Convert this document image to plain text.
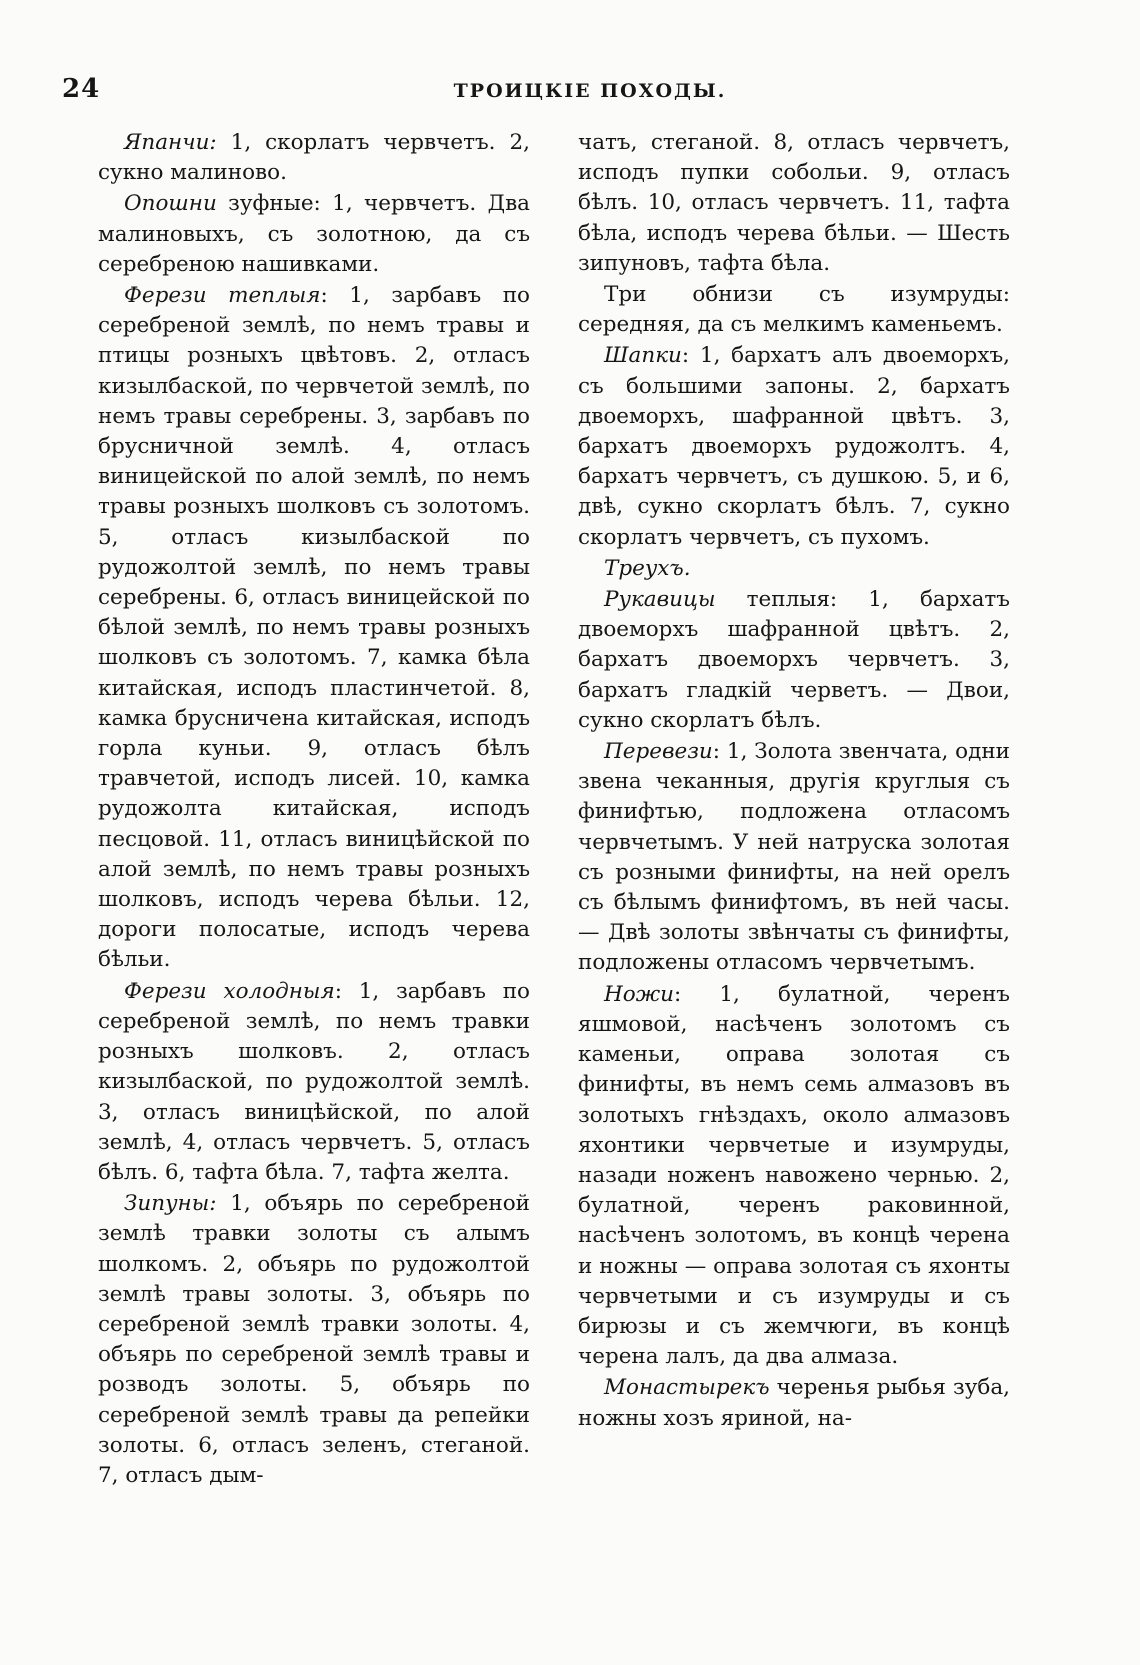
24	ТРОИЦКІЕ ПОХОДЫ.

Япанчи: 1, скорлатъ червчетъ. 2, сукно малиново.

Опошни зуфные: 1, червчетъ. Два малиновыхъ, съ золотною, да съ серебреною нашивками.

Ферези теплыя: 1, зарбавъ по серебреной землѣ, по немъ травы и птицы розныхъ цвѣтовъ. 2, отласъ кизылбаской, по червчетой землѣ, по немъ травы серебрены. 3, зарбавъ по брусничной землѣ. 4, отласъ виницейской по алой землѣ, по немъ травы розныхъ шолковъ съ золотомъ. 5, отласъ кизылбаской по рудожолтой землѣ, по немъ травы серебрены. 6, отласъ виницейской по бѣлой землѣ, по немъ травы розныхъ шолковъ съ золотомъ. 7, камка бѣла китайская, исподъ пластинчетой. 8, камка брусничена китайская, исподъ горла куньи. 9, отласъ бѣлъ травчетой, исподъ лисей. 10, камка рудожолта китайская, исподъ песцовой. 11, отласъ виницѣйской по алой землѣ, по немъ травы розныхъ шолковъ, исподъ черева бѣльи. 12, дороги полосатые, исподъ черева бѣльи.

Ферези холодныя: 1, зарбавъ по серебреной землѣ, по немъ травки розныхъ шолковъ. 2, отласъ кизылбаской, по рудожолтой землѣ. 3, отласъ виницѣйской, по алой землѣ, 4, отласъ червчетъ. 5, отласъ бѣлъ. 6, тафта бѣла. 7, тафта желта.

Зипуны: 1, объярь по серебреной землѣ травки золоты съ алымъ шолкомъ. 2, объярь по рудожолтой землѣ травы золоты. 3, объярь по серебреной землѣ травки золоты. 4, объярь по серебреной землѣ травы и розводъ золоты. 5, объярь по серебреной землѣ травы да репейки золоты. 6, отласъ зеленъ, стеганой. 7, отласъ дым-

чатъ, стеганой. 8, отласъ червчетъ, исподъ пупки собольи. 9, отласъ бѣлъ. 10, отласъ червчетъ. 11, тафта бѣла, исподъ черева бѣльи. — Шесть зипуновъ, тафта бѣла.

Три обнизи съ изумруды: середняя, да съ мелкимъ каменьемъ.

Шапки: 1, бархатъ алъ двоеморхъ, съ большими запоны. 2, бархатъ двоеморхъ, шафранной цвѣтъ. 3, бархатъ двоеморхъ рудожолтъ. 4, бархатъ червчетъ, съ душкою. 5, и 6, двѣ, сукно скорлатъ бѣлъ. 7, сукно скорлатъ червчетъ, съ пухомъ.

Треухъ.

Рукавицы теплыя: 1, бархатъ двоеморхъ шафранной цвѣтъ. 2, бархатъ двоеморхъ червчетъ. 3, бархатъ гладкій черветъ. — Двои, сукно скорлатъ бѣлъ.

Перевези: 1, Золота звенчата, одни звена чеканныя, другія круглыя съ финифтью, подложена отласомъ червчетымъ. У ней натруска золотая съ розными финифты, на ней орелъ съ бѣлымъ финифтомъ, въ ней часы. — Двѣ золоты звѣнчаты съ финифты, подложены отласомъ червчетымъ.

Ножи: 1, булатной, черенъ яшмовой, насѣченъ золотомъ съ каменьи, оправа золотая съ финифты, въ немъ семь алмазовъ въ золотыхъ гнѣздахъ, около алмазовъ яхонтики червчетые и изумруды, назади ноженъ навожено чернью. 2, булатной, черенъ раковинной, насѣченъ золотомъ, въ концѣ черена и ножны — оправа золотая съ яхонты червчетыми и съ изумруды и съ бирюзы и съ жемчюги, въ концѣ черена лалъ, да два алмаза.

Монастырекъ черенья рыбья зуба, ножны хозъ яриной, на-
